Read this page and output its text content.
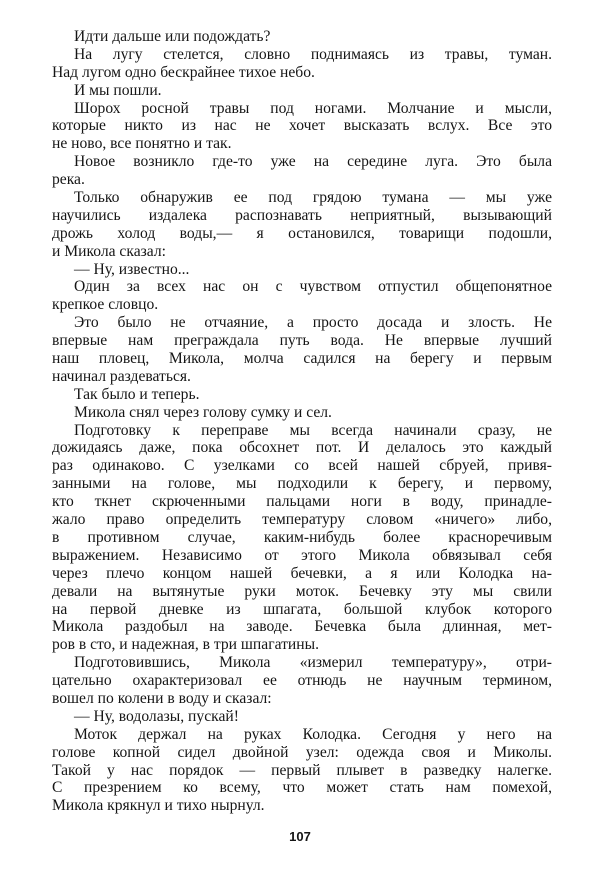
Идти дальше или подождать?
На лугу стелется, словно поднимаясь из травы, туман.
Над лугом одно бескрайнее тихое небо.
И мы пошли.
Шорох росной травы под ногами. Молчание и мысли,
которые никто из нас не хочет высказать вслух. Все это
не ново, все понятно и так.
Новое возникло где-то уже на середине луга. Это была
река.
Только обнаружив ее под грядою тумана — мы уже
научились издалека распознавать неприятный, вызывающий
дрожь холод воды,— я остановился, товарищи подошли,
и Микола сказал:
— Ну, известно...
Один за всех нас он с чувством отпустил общепонятное
крепкое словцо.
Это было не отчаяние, а просто досада и злость. Не
впервые нам преграждала путь вода. Не впервые лучший
наш пловец, Микола, молча садился на берегу и первым
начинал раздеваться.
Так было и теперь.
Микола снял через голову сумку и сел.
Подготовку к переправе мы всегда начинали сразу, не
дожидаясь даже, пока обсохнет пот. И делалось это каждый
раз одинаково. С узелками со всей нашей сбруей, привя-
занными на голове, мы подходили к берегу, и первому,
кто ткнет скрюченными пальцами ноги в воду, принадле-
жало право определить температуру словом «ничего» либо,
в противном случае, каким-нибудь более красноречивым
выражением. Независимо от этого Микола обвязывал себя
через плечо концом нашей бечевки, а я или Колодка на-
девали на вытянутые руки моток. Бечевку эту мы свили
на первой дневке из шпагата, большой клубок которого
Микола раздобыл на заводе. Бечевка была длинная, мет-
ров в сто, и надежная, в три шпагатины.
Подготовившись, Микола «измерил температуру», отри-
цательно охарактеризовал ее отнюдь не научным термином,
вошел по колени в воду и сказал:
— Ну, водолазы, пускай!
Моток держал на руках Колодка. Сегодня у него на
голове копной сидел двойной узел: одежда своя и Миколы.
Такой у нас порядок — первый плывет в разведку налегке.
С презрением ко всему, что может стать нам помехой,
Микола крякнул и тихо нырнул.
107
